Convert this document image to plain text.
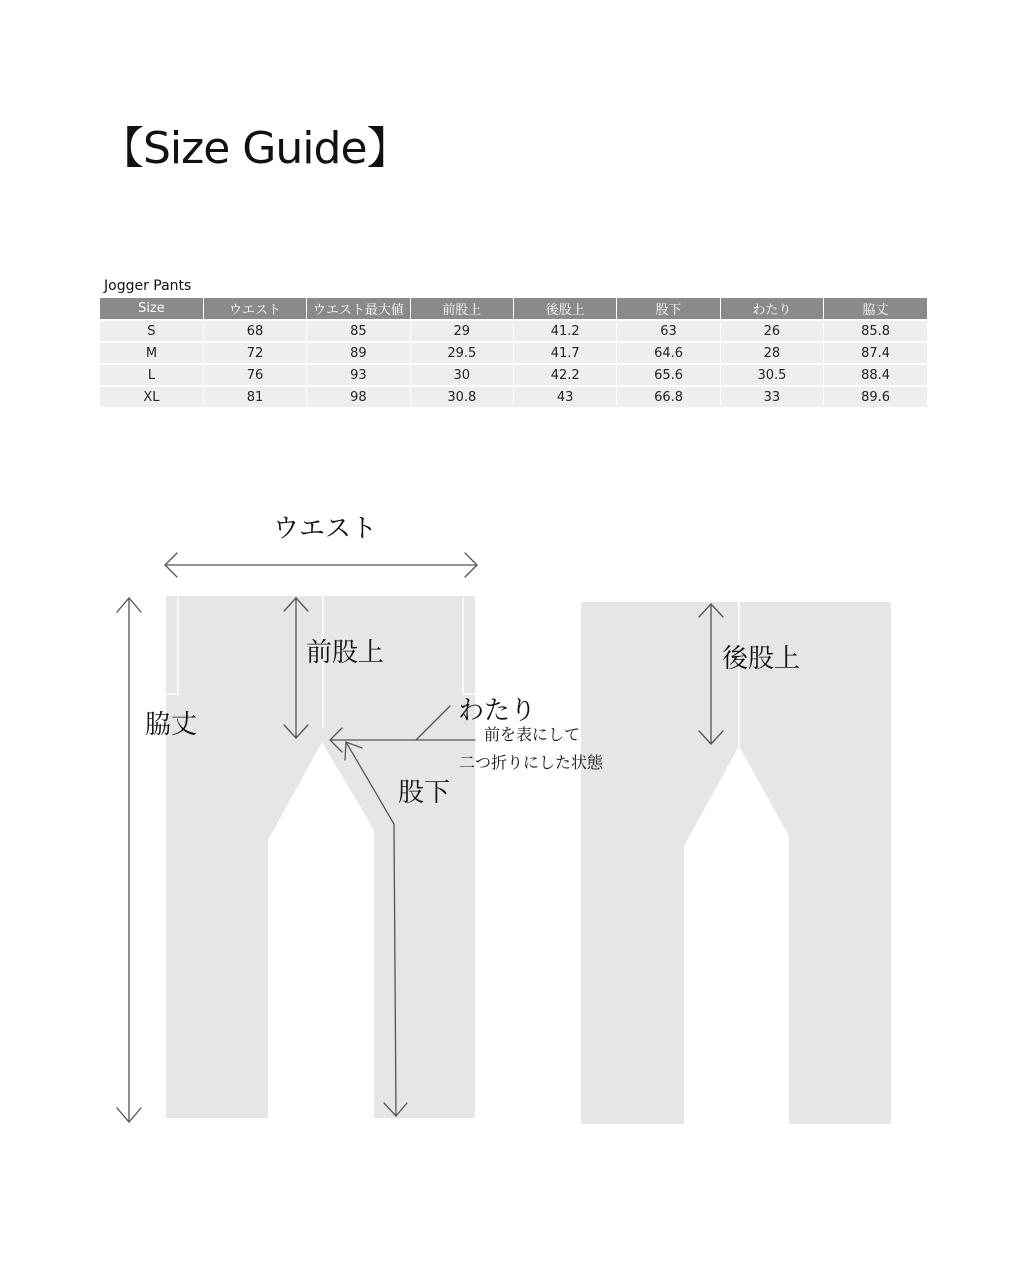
【Size Guide】
Jogger Pants
Size	ウエスト	ウエスト最大値	前股上	後股上	股下	わたり	脇丈
S	68	85	29	41.2	63	26	85.8
M	72	89	29.5	41.7	64.6	28	87.4
L	76	93	30	42.2	65.6	30.5	88.4
XL	81	98	30.8	43	66.8	33	89.6
ウエスト
前股上
脇丈	わたり
前を表にして
二つ折りにした状態
股下
後股上
